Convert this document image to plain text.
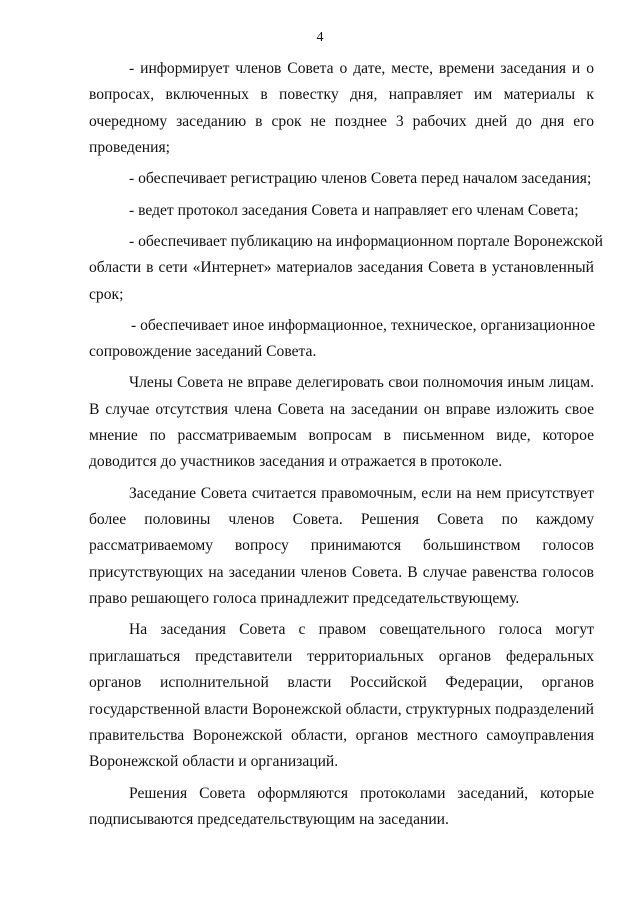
4
- информирует членов Совета о дате, месте, времени заседания и о
вопросах, включенных в повестку дня, направляет им материалы к
очередному заседанию в срок не позднее 3 рабочих дней до дня его
проведения;
- обеспечивает регистрацию членов Совета перед началом заседания;
- ведет протокол заседания Совета и направляет его членам Совета;
- обеспечивает публикацию на информационном портале Воронежской
области в сети «Интернет» материалов заседания Совета в установленный
срок;
- обеспечивает иное информационное, техническое, организационное
сопровождение заседаний Совета.
Члены Совета не вправе делегировать свои полномочия иным лицам.
В случае отсутствия члена Совета на заседании он вправе изложить свое
мнение по рассматриваемым вопросам в письменном виде, которое
доводится до участников заседания и отражается в протоколе.
Заседание Совета считается правомочным, если на нем присутствует
более половины членов Совета. Решения Совета по каждому
рассматриваемому вопросу принимаются большинством голосов
присутствующих на заседании членов Совета. В случае равенства голосов
право решающего голоса принадлежит председательствующему.
На заседания Совета с правом совещательного голоса могут
приглашаться представители территориальных органов федеральных
органов исполнительной власти Российской Федерации, органов
государственной власти Воронежской области, структурных подразделений
правительства Воронежской области, органов местного самоуправления
Воронежской области и организаций.
Решения Совета оформляются протоколами заседаний, которые
подписываются председательствующим на заседании.
